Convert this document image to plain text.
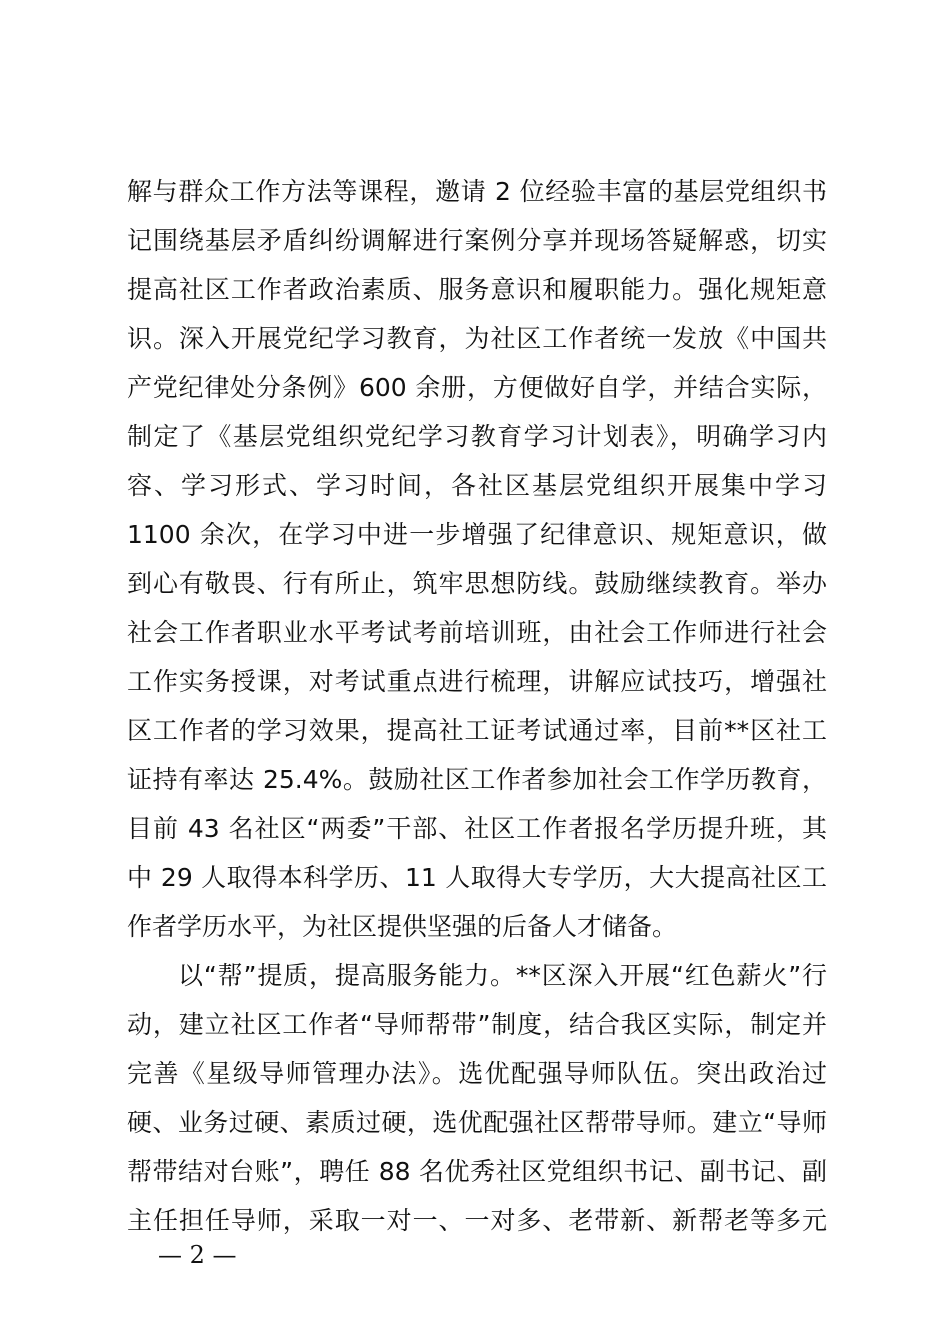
解与群众工作方法等课程，邀请 2 位经验丰富的基层党组织书
记围绕基层矛盾纠纷调解进行案例分享并现场答疑解惑，切实
提高社区工作者政治素质、服务意识和履职能力。强化规矩意
识。深入开展党纪学习教育，为社区工作者统一发放《中国共
产党纪律处分条例》600 余册，方便做好自学，并结合实际，
制定了《基层党组织党纪学习教育学习计划表》，明确学习内
容、学习形式、学习时间，各社区基层党组织开展集中学习
1100 余次，在学习中进一步增强了纪律意识、规矩意识，做
到心有敬畏、行有所止，筑牢思想防线。鼓励继续教育。举办
社会工作者职业水平考试考前培训班，由社会工作师进行社会
工作实务授课，对考试重点进行梳理，讲解应试技巧，增强社
区工作者的学习效果，提高社工证考试通过率，目前**区社工
证持有率达 25.4%。鼓励社区工作者参加社会工作学历教育，
目前 43 名社区“两委”干部、社区工作者报名学历提升班，其
中 29 人取得本科学历、11 人取得大专学历，大大提高社区工
作者学历水平，为社区提供坚强的后备人才储备。
以“帮”提质，提高服务能力。**区深入开展“红色薪火”行
动，建立社区工作者“导师帮带”制度，结合我区实际，制定并
完善《星级导师管理办法》。选优配强导师队伍。突出政治过
硬、业务过硬、素质过硬，选优配强社区帮带导师。建立“导师
帮带结对台账”，聘任 88 名优秀社区党组织书记、副书记、副
主任担任导师，采取一对一、一对多、老带新、新帮老等多元
— 2 —
